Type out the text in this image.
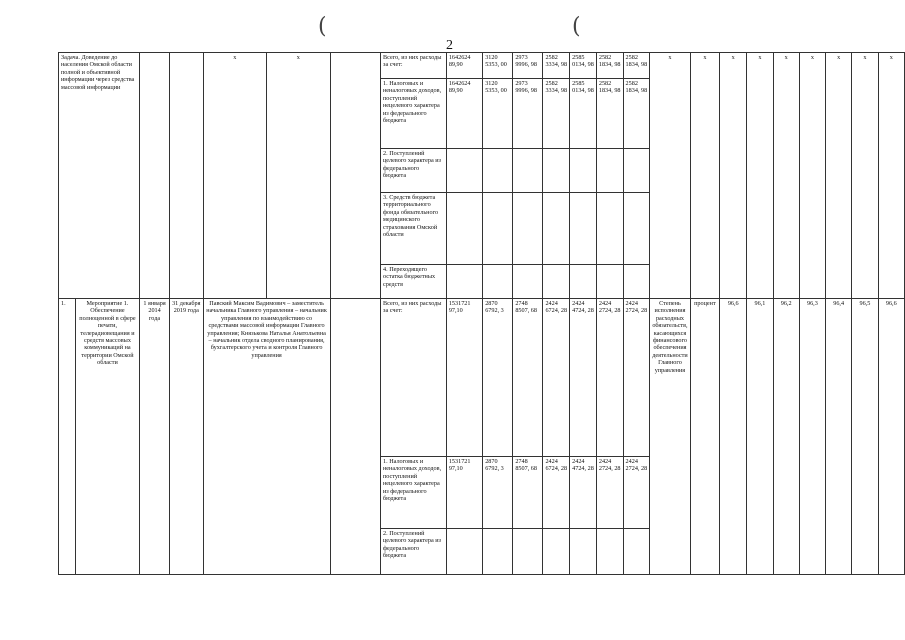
(	(
2
Задача. Доведение до населения Омской области полной и объективной информации через средства массовой информации				x	x		Всего, из них расходы за счет:	1642624 89,90	3120 5353, 00	2973 9996, 98	2582 3334, 98	2585 0134, 98	2582 1834, 98	2582 1834, 98	x	x	x	x	x	x	x	x	x
							1. Налоговых и неналоговых доходов, поступлений нецелевого характера из федерального бюджета	1642624 89,90	3120 5353, 00	2973 9996, 98	2582 3334, 98	2585 0134, 98	2582 1834, 98	2582 1834, 98									
							2. Поступлений целевого характера из федерального бюджета																
							3. Средств бюджета территориального фонда обязательного медицинского страхования Омской области																
							4. Переходящего остатка бюджетных средств																
1.	Мероприятие 1. Обеспечение полноценной в сфере печати, телерадиовещания и средств массовых коммуникаций на территории Омской области	1 января 2014 года	31 декабря 2019 года	Павский Максим Вадимович – заместитель начальника Главного управления – начальник управления по взаимодействию со средствами массовой информации Главного управления; Князькова Наталья Анатольевна – начальник отдела сводного планирования, бухгалтерского учета и контроля Главного управления			Всего, из них расходы за счет:	1531721 97,10	2870 6792, 3	2748 8507, 68	2424 6724, 28	2424 4724, 28	2424 2724, 28	2424 2724, 28	Степень исполнения расходных обязательств, касающихся финансового обеспечения деятельности Главного управления	процент	96,6	96,1	96,2	96,3	96,4	96,5	96,6
							1. Налоговых и неналоговых доходов, поступлений нецелевого характера из федерального бюджета	1531721 97,10	2870 6792, 3	2748 8507, 68	2424 6724, 28	2424 4724, 28	2424 2724, 28	2424 2724, 28									
							2. Поступлений целевого характера из федерального бюджета																
